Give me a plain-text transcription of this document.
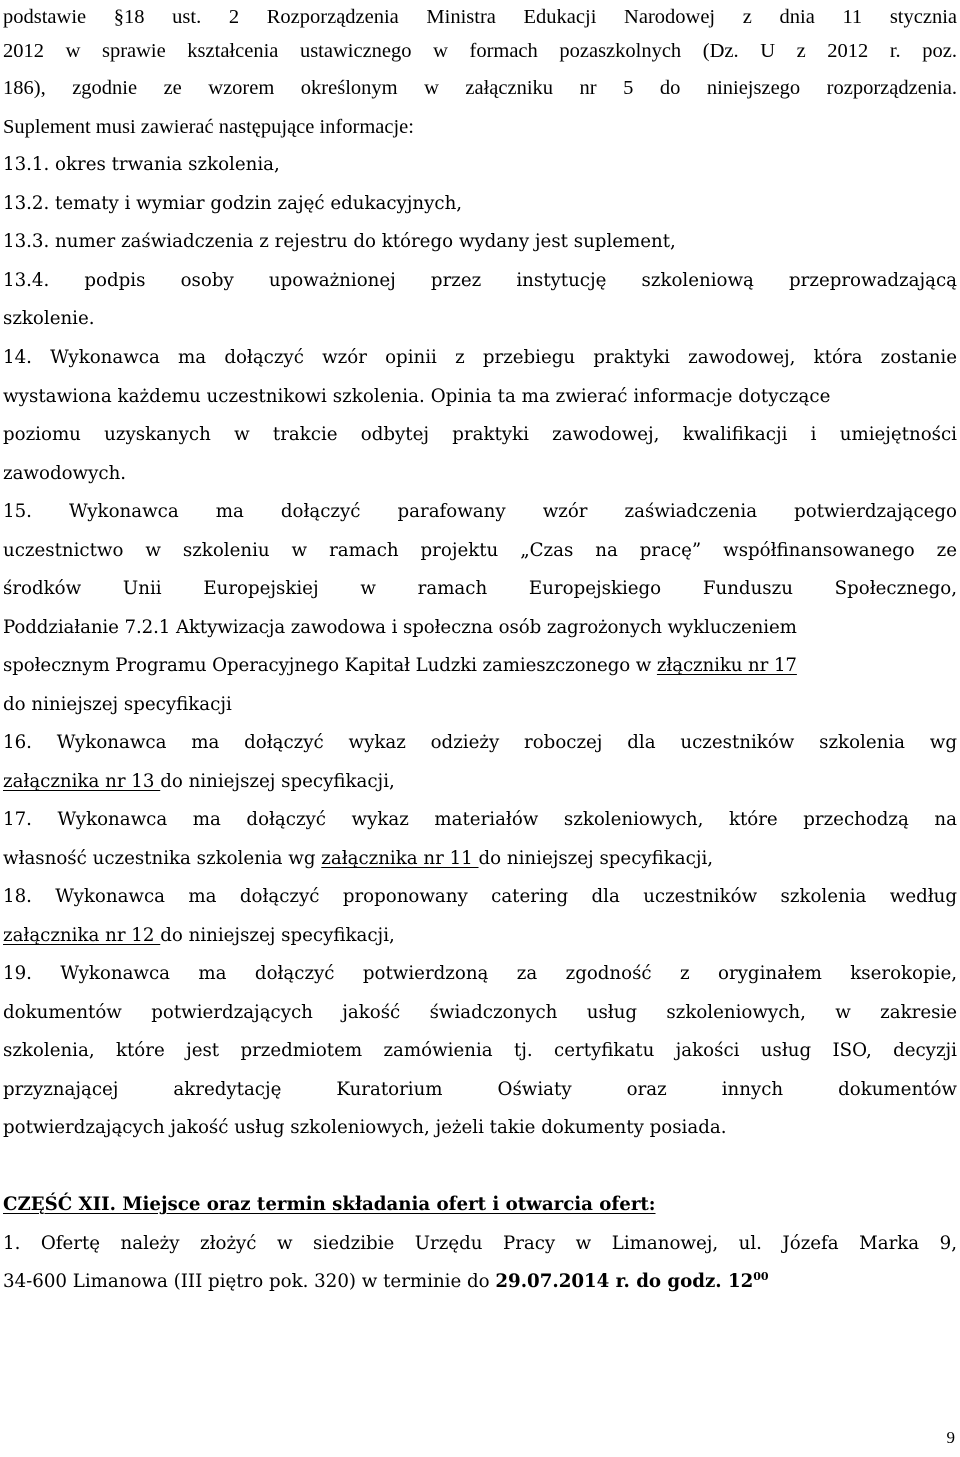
podstawie §18 ust. 2 Rozporządzenia Ministra Edukacji Narodowej z dnia 11 stycznia
2012 w sprawie kształcenia ustawicznego w formach pozaszkolnych (Dz. U z 2012 r. poz.
186), zgodnie ze wzorem określonym w załączniku nr 5 do niniejszego rozporządzenia.
Suplement musi zawierać następujące informacje:
13.1. okres trwania szkolenia,
13.2. tematy i wymiar godzin zajęć edukacyjnych,
13.3. numer zaświadczenia z rejestru do którego wydany jest suplement,
13.4. podpis osoby upoważnionej przez instytucję szkoleniową przeprowadzającą
szkolenie.
14. Wykonawca ma dołączyć wzór opinii z przebiegu praktyki zawodowej, która zostanie
wystawiona każdemu uczestnikowi szkolenia. Opinia ta ma zwierać informacje dotyczące
poziomu uzyskanych w trakcie odbytej praktyki zawodowej, kwalifikacji i umiejętności
zawodowych.
15. Wykonawca ma dołączyć parafowany wzór zaświadczenia potwierdzającego
uczestnictwo w szkoleniu w ramach projektu „Czas na pracę” współfinansowanego ze
środków Unii Europejskiej w ramach Europejskiego Funduszu Społecznego,
Poddziałanie 7.2.1 Aktywizacja zawodowa i społeczna osób zagrożonych wykluczeniem
społecznym Programu Operacyjnego Kapitał Ludzki zamieszczonego w złączniku nr 17
do niniejszej specyfikacji
16. Wykonawca ma dołączyć wykaz odzieży roboczej dla uczestników szkolenia wg
załącznika nr 13 do niniejszej specyfikacji,
17. Wykonawca ma dołączyć wykaz materiałów szkoleniowych, które przechodzą na
własność uczestnika szkolenia wg załącznika nr 11 do niniejszej specyfikacji,
18. Wykonawca ma dołączyć proponowany catering dla uczestników szkolenia według
załącznika nr 12 do niniejszej specyfikacji,
19. Wykonawca ma dołączyć potwierdzoną za zgodność z oryginałem kserokopie,
dokumentów potwierdzających jakość świadczonych usług szkoleniowych, w zakresie
szkolenia, które jest przedmiotem zamówienia tj. certyfikatu jakości usług ISO, decyzji
przyznającej akredytację Kuratorium Oświaty oraz innych dokumentów
potwierdzających jakość usług szkoleniowych, jeżeli takie dokumenty posiada.
CZĘŚĆ XII. Miejsce oraz termin składania ofert i otwarcia ofert:
1. Ofertę należy złożyć w siedzibie Urzędu Pracy w Limanowej, ul. Józefa Marka 9,
34-600 Limanowa (III piętro pok. 320) w terminie do 29.07.2014 r. do godz. $12^{00}$
9
